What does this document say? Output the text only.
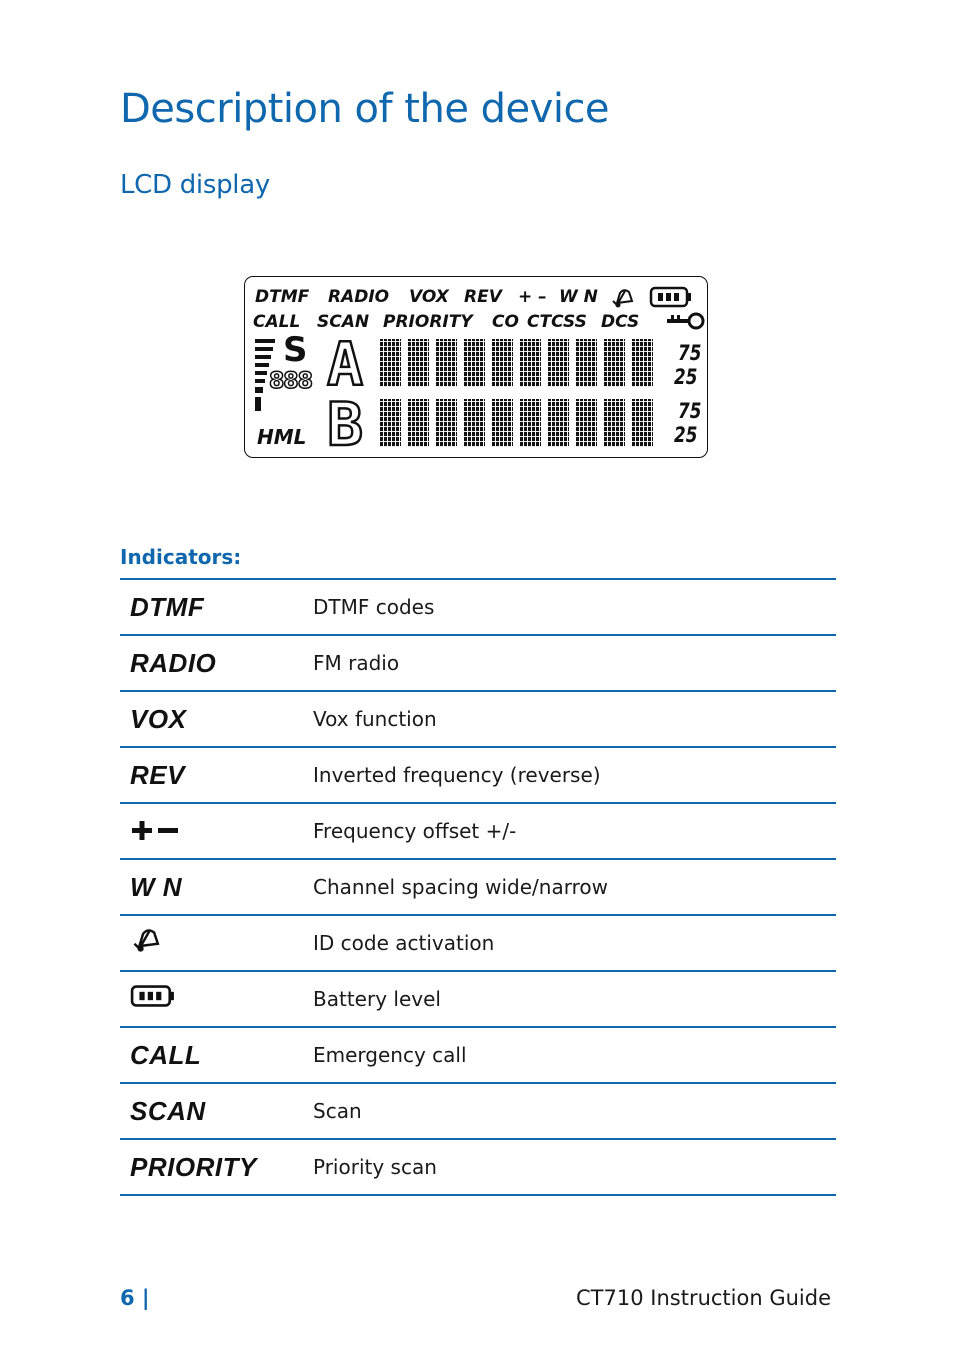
Description of the device
LCD display
DTMF RADIO VOX REV + – W N
CALL SCAN PRIORITY CO CTCSS DCS
S
888
HML
A
B
75
25
75
25
Indicators:
DTMF	DTMF codes
RADIO	FM radio
VOX	Vox function
REV	Inverted frequency (reverse)
	Frequency offset +/-
W N	Channel spacing wide/narrow
	ID code activation
	Battery level
CALL	Emergency call
SCAN	Scan
PRIORITY	Priority scan
6 |	CT710 Instruction Guide
